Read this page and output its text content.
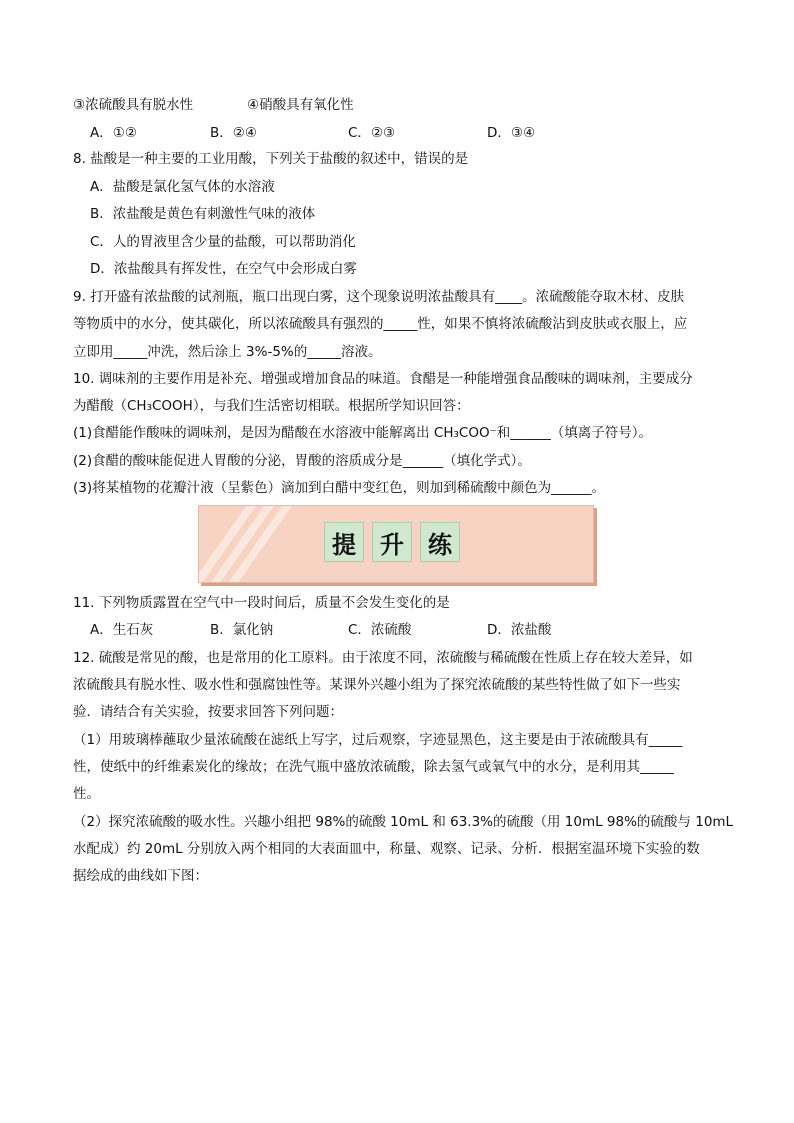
③浓硫酸具有脱水性	④硝酸具有氧化性
A．①②	B．②④	C．②③	D．③④
8. 盐酸是一种主要的工业用酸，下列关于盐酸的叙述中，错误的是
A．盐酸是氯化氢气体的水溶液
B．浓盐酸是黄色有刺激性气味的液体
C．人的胃液里含少量的盐酸，可以帮助消化
D．浓盐酸具有挥发性，在空气中会形成白雾
9. 打开盛有浓盐酸的试剂瓶，瓶口出现白雾，这个现象说明浓盐酸具有____。浓硫酸能夺取木材、皮肤
等物质中的水分，使其碳化，所以浓硫酸具有强烈的_____性，如果不慎将浓硫酸沾到皮肤或衣服上，应
立即用_____冲洗，然后涂上 3%-5%的_____溶液。
10. 调味剂的主要作用是补充、增强或增加食品的味道。食醋是一种能增强食品酸味的调味剂，主要成分
为醋酸（CH₃COOH），与我们生活密切相联。根据所学知识回答：
(1)食醋能作酸味的调味剂，是因为醋酸在水溶液中能解离出 CH₃COO⁻和______（填离子符号）。
(2)食醋的酸味能促进人胃酸的分泌，胃酸的溶质成分是______（填化学式）。
(3)将某植物的花瓣汁液（呈紫色）滴加到白醋中变红色，则加到稀硫酸中颜色为______。
提	升	练
11. 下列物质露置在空气中一段时间后，质量不会发生变化的是
A．生石灰	B．氯化钠	C．浓硫酸	D．浓盐酸
12. 硫酸是常见的酸，也是常用的化工原料。由于浓度不同，浓硫酸与稀硫酸在性质上存在较大差异，如
浓硫酸具有脱水性、吸水性和强腐蚀性等。某课外兴趣小组为了探究浓硫酸的某些特性做了如下一些实
验．请结合有关实验，按要求回答下列问题：
（1）用玻璃棒蘸取少量浓硫酸在滤纸上写字，过后观察，字迹显黑色，这主要是由于浓硫酸具有_____
性，使纸中的纤维素炭化的缘故；在洗气瓶中盛放浓硫酸，除去氢气或氧气中的水分，是利用其_____
性。
（2）探究浓硫酸的吸水性。兴趣小组把 98%的硫酸 10mL 和 63.3%的硫酸（用 10mL 98%的硫酸与 10mL
水配成）约 20mL 分别放入两个相同的大表面皿中，称量、观察、记录、分析．根据室温环境下实验的数
据绘成的曲线如下图：
